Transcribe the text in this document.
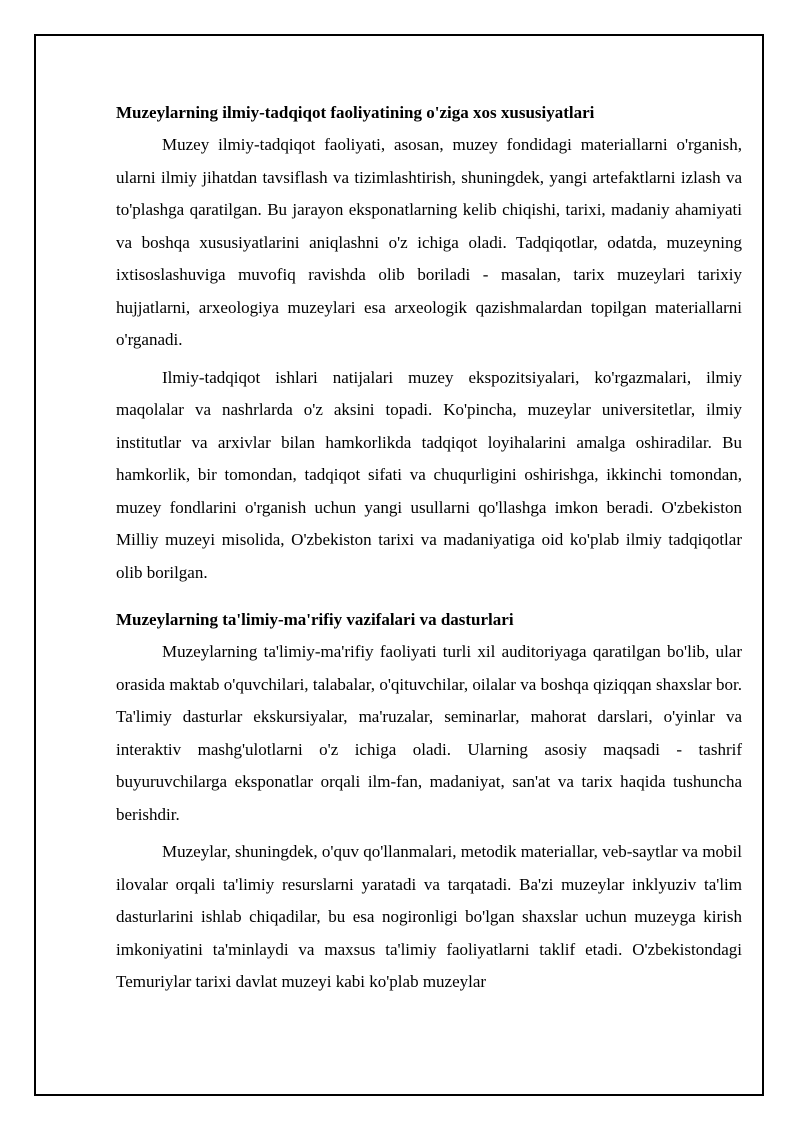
Muzeylarning ilmiy-tadqiqot faoliyatining o'ziga xos xususiyatlari

Muzey ilmiy-tadqiqot faoliyati, asosan, muzey fondidagi materiallarni o'rganish, ularni ilmiy jihatdan tavsiflash va tizimlashtirish, shuningdek, yangi artefaktlarni izlash va to'plashga qaratilgan. Bu jarayon eksponatlarning kelib chiqishi, tarixi, madaniy ahamiyati va boshqa xususiyatlarini aniqlashni o'z ichiga oladi. Tadqiqotlar, odatda, muzeyning ixtisoslashuviga muvofiq ravishda olib boriladi - masalan, tarix muzeylari tarixiy hujjatlarni, arxeologiya muzeylari esa arxeologik qazishmalardan topilgan materiallarni o'rganadi.

Ilmiy-tadqiqot ishlari natijalari muzey ekspozitsiyalari, ko'rgazmalari, ilmiy maqolalar va nashrlarda o'z aksini topadi. Ko'pincha, muzeylar universitetlar, ilmiy institutlar va arxivlar bilan hamkorlikda tadqiqot loyihalarini amalga oshiradilar. Bu hamkorlik, bir tomondan, tadqiqot sifati va chuqurligini oshirishga, ikkinchi tomondan, muzey fondlarini o'rganish uchun yangi usullarni qo'llashga imkon beradi. O'zbekiston Milliy muzeyi misolida, O'zbekiston tarixi va madaniyatiga oid ko'plab ilmiy tadqiqotlar olib borilgan.

Muzeylarning ta'limiy-ma'rifiy vazifalari va dasturlari

Muzeylarning ta'limiy-ma'rifiy faoliyati turli xil auditoriyaga qaratilgan bo'lib, ular orasida maktab o'quvchilari, talabalar, o'qituvchilar, oilalar va boshqa qiziqqan shaxslar bor. Ta'limiy dasturlar ekskursiyalar, ma'ruzalar, seminarlar, mahorat darslari, o'yinlar va interaktiv mashg'ulotlarni o'z ichiga oladi. Ularning asosiy maqsadi - tashrif buyuruvchilarga eksponatlar orqali ilm-fan, madaniyat, san'at va tarix haqida tushuncha berishdir.

Muzeylar, shuningdek, o'quv qo'llanmalari, metodik materiallar, veb-saytlar va mobil ilovalar orqali ta'limiy resurslarni yaratadi va tarqatadi. Ba'zi muzeylar inklyuziv ta'lim dasturlarini ishlab chiqadilar, bu esa nogironligi bo'lgan shaxslar uchun muzeyga kirish imkoniyatini ta'minlaydi va maxsus ta'limiy faoliyatlarni taklif etadi. O'zbekistondagi Temuriylar tarixi davlat muzeyi kabi ko'plab muzeylar
